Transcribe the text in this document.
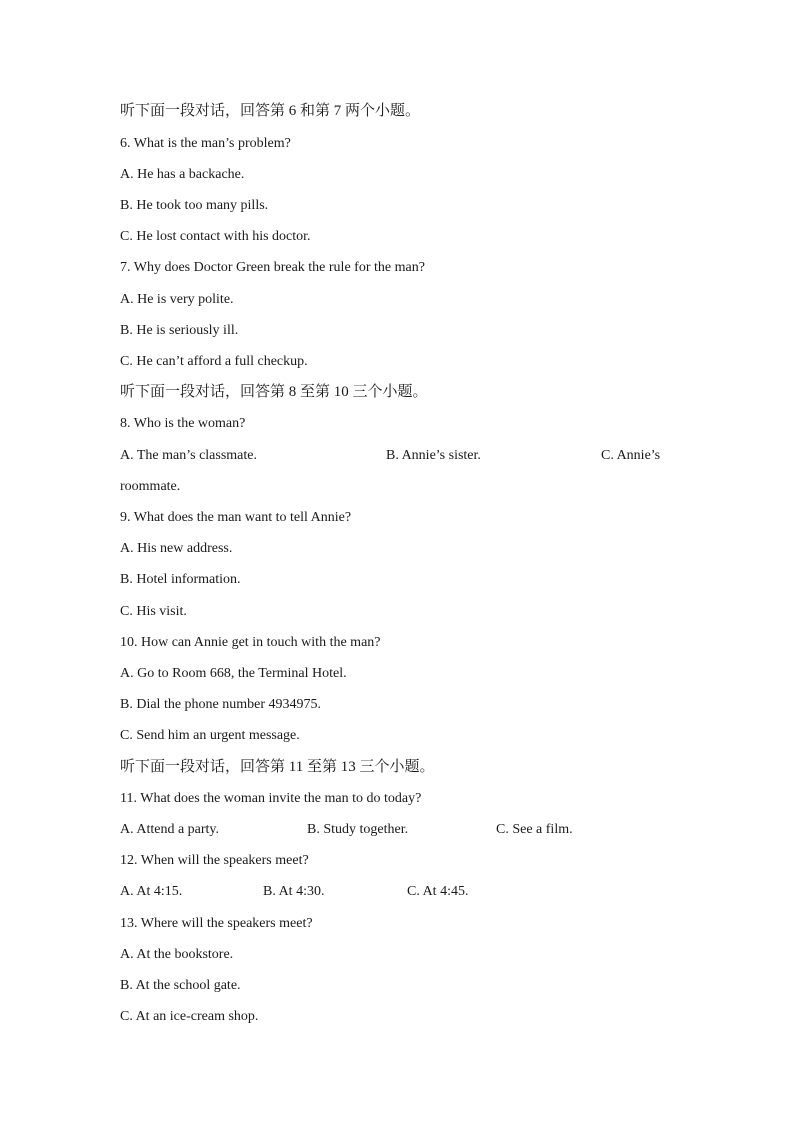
听下面一段对话，回答第 6 和第 7 两个小题。
6. What is the man’s problem?
A. He has a backache.
B. He took too many pills.
C. He lost contact with his doctor.
7. Why does Doctor Green break the rule for the man?
A. He is very polite.
B. He is seriously ill.
C. He can’t afford a full checkup.
听下面一段对话，回答第 8 至第 10 三个小题。
8. Who is the woman?
A. The man’s classmate.	B. Annie’s sister.	C. Annie’s
roommate.
9. What does the man want to tell Annie?
A. His new address.
B. Hotel information.
C. His visit.
10. How can Annie get in touch with the man?
A. Go to Room 668, the Terminal Hotel.
B. Dial the phone number 4934975.
C. Send him an urgent message.
听下面一段对话，回答第 11 至第 13 三个小题。
11. What does the woman invite the man to do today?
A. Attend a party.	B. Study together.	C. See a film.
12. When will the speakers meet?
A. At 4:15.	B. At 4:30.	C. At 4:45.
13. Where will the speakers meet?
A. At the bookstore.
B. At the school gate.
C. At an ice-cream shop.
